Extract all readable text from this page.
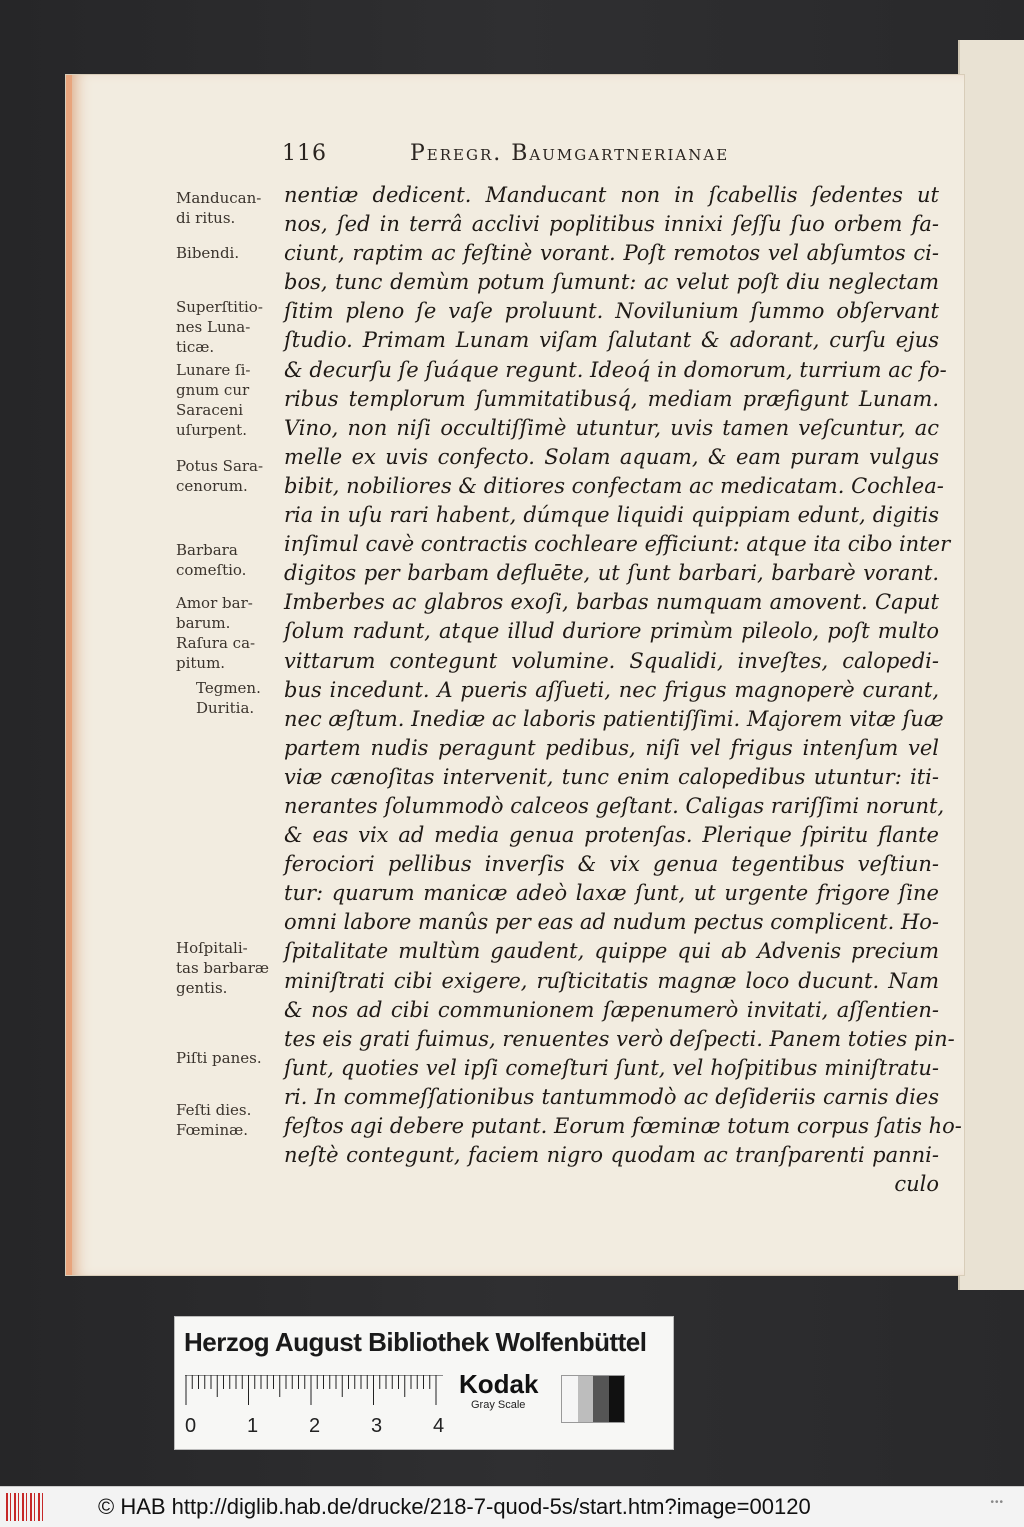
116	Peregr. Baumgartnerianae
Manducan-
di ritus.
Bibendi.
Superſtitio-
nes Luna-
ticæ.
Lunare ſi-
gnum cur
Saraceni
uſurpent.
Potus Sara-
cenorum.
Barbara
comeſtio.
Amor bar-
barum.
Raſura ca-
pitum.
Tegmen.
Duritia.
Hoſpitali-
tas barbaræ
gentis.
Piſti panes.
Feſti dies.
Fœminæ.
nentiæ dedicent. Manducant non in ſcabellis ſedentes ut
nos, ſed in terrâ acclivi poplitibus innixi ſeſſu ſuo orbem fa-
ciunt, raptim ac feſtinè vorant. Poſt remotos vel abſumtos ci-
bos, tunc demùm potum ſumunt: ac velut poſt diu neglectam
ſitim pleno ſe vaſe proluunt. Novilunium ſummo obſervant
ſtudio. Primam Lunam viſam ſalutant & adorant, curſu ejus
& decurſu ſe ſuáque regunt. Ideoq́ in domorum, turrium ac fo-
ribus templorum ſummitatibusq́, mediam præfigunt Lunam.
Vino, non niſi occultiſſimè utuntur, uvis tamen veſcuntur, ac
melle ex uvis confecto. Solam aquam, & eam puram vulgus
bibit, nobiliores & ditiores confectam ac medicatam. Cochlea-
ria in uſu rari habent, dúmque liquidi quippiam edunt, digitis
inſimul cavè contractis cochleare efficiunt: atque ita cibo inter
digitos per barbam defluēte, ut ſunt barbari, barbarè vorant.
Imberbes ac glabros exoſi, barbas numquam amovent. Caput
ſolum radunt, atque illud duriore primùm pileolo, poſt multo
vittarum contegunt volumine. Squalidi, inveſtes, calopedi-
bus incedunt. A pueris aſſueti, nec frigus magnoperè curant,
nec æſtum. Inediæ ac laboris patientiſſimi. Majorem vitæ ſuæ
partem nudis peragunt pedibus, niſi vel frigus intenſum vel
viæ cænoſitas intervenit, tunc enim calopedibus utuntur: iti-
nerantes ſolummodò calceos geſtant. Caligas rariſſimi norunt,
& eas vix ad media genua protenſas. Plerique ſpiritu flante
ferociori pellibus inverſis & vix genua tegentibus veſtiun-
tur: quarum manicæ adeò laxæ ſunt, ut urgente frigore ſine
omni labore manûs per eas ad nudum pectus complicent. Ho-
ſpitalitate multùm gaudent, quippe qui ab Advenis precium
miniſtrati cibi exigere, ruſticitatis magnæ loco ducunt. Nam
& nos ad cibi communionem ſæpenumerò invitati, aſſentien-
tes eis grati fuimus, renuentes verò deſpecti. Panem toties pin-
ſunt, quoties vel ipſi comeſturi ſunt, vel hoſpitibus miniſtratu-
ri. In commeſſationibus tantummodò ac deſideriis carnis dies
feſtos agi debere putant. Eorum fœminæ totum corpus ſatis ho-
neſtè contegunt, faciem nigro quodam ac tranſparenti panni-
culo
Herzog August Bibliothek Wolfenbüttel
0	1	2	3	4
Kodak
Gray Scale
© HAB http://diglib.hab.de/drucke/218-7-quod-5s/start.htm?image=00120	•••
